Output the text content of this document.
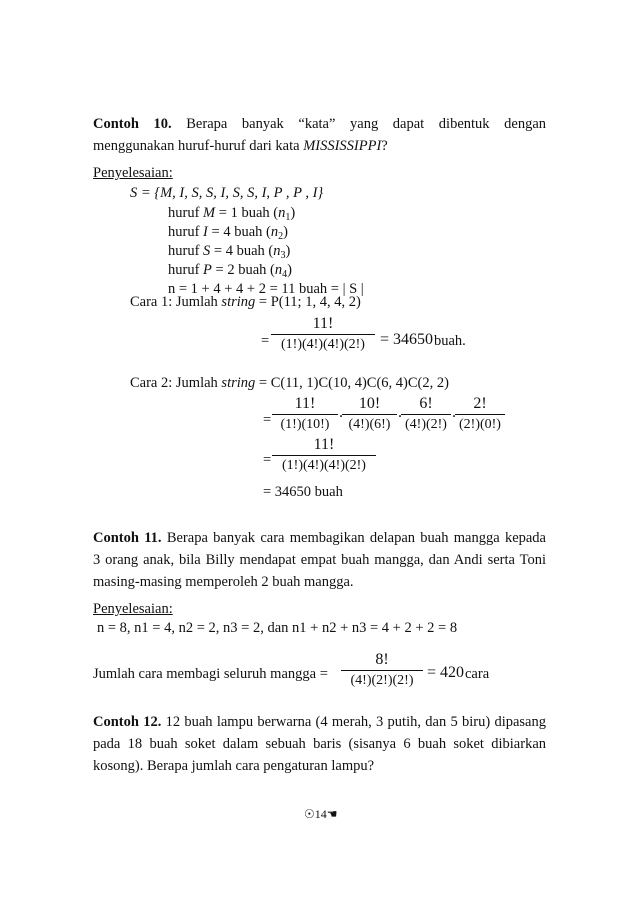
Contoh 10. Berapa banyak “kata” yang dapat dibentuk dengan
menggunakan huruf-huruf dari kata MISSISSIPPI?
Penyelesaian:
S = {M, I, S, S, I, S, S, I, P , P , I}
huruf M = 1 buah $(n_1)$
huruf I = 4 buah $(n_2)$
huruf S = 4 buah $(n_3)$
huruf P = 2 buah $(n_4)$
n = 1 + 4 + 4 + 2 = 11 buah = | S |
Cara 1: Jumlah string = P(11; 1, 4, 4, 2)
=
11!
(1!)(4!)(4!)(2!) = 34650 buah.
Cara 2: Jumlah string = C(11, 1)C(10, 4)C(6, 4)C(2, 2)
=
11!
(1!)(10!)
.
10!
(4!)(6!)
.
6!
(4!)(2!)
.
2!
(2!)(0!)
=
11!
(1!)(4!)(4!)(2!)
= 34650 buah
Contoh 11. Berapa banyak cara membagikan delapan buah mangga kepada
3 orang anak, bila Billy mendapat empat buah mangga, dan Andi serta Toni
masing-masing memperoleh 2 buah mangga.
Penyelesaian:
n = 8, n1 = 4, n2 = 2, n3 = 2, dan n1 + n2 + n3 = 4 + 2 + 2 = 8
Jumlah cara membagi seluruh mangga =
8!
(4!)(2!)(2!) = 420 cara
Contoh 12. 12 buah lampu berwarna (4 merah, 3 putih, dan 5 biru) dipasang
pada 18 buah soket dalam sebuah baris (sisanya 6 buah soket dibiarkan
kosong). Berapa jumlah cara pengaturan lampu?
☉14☚
